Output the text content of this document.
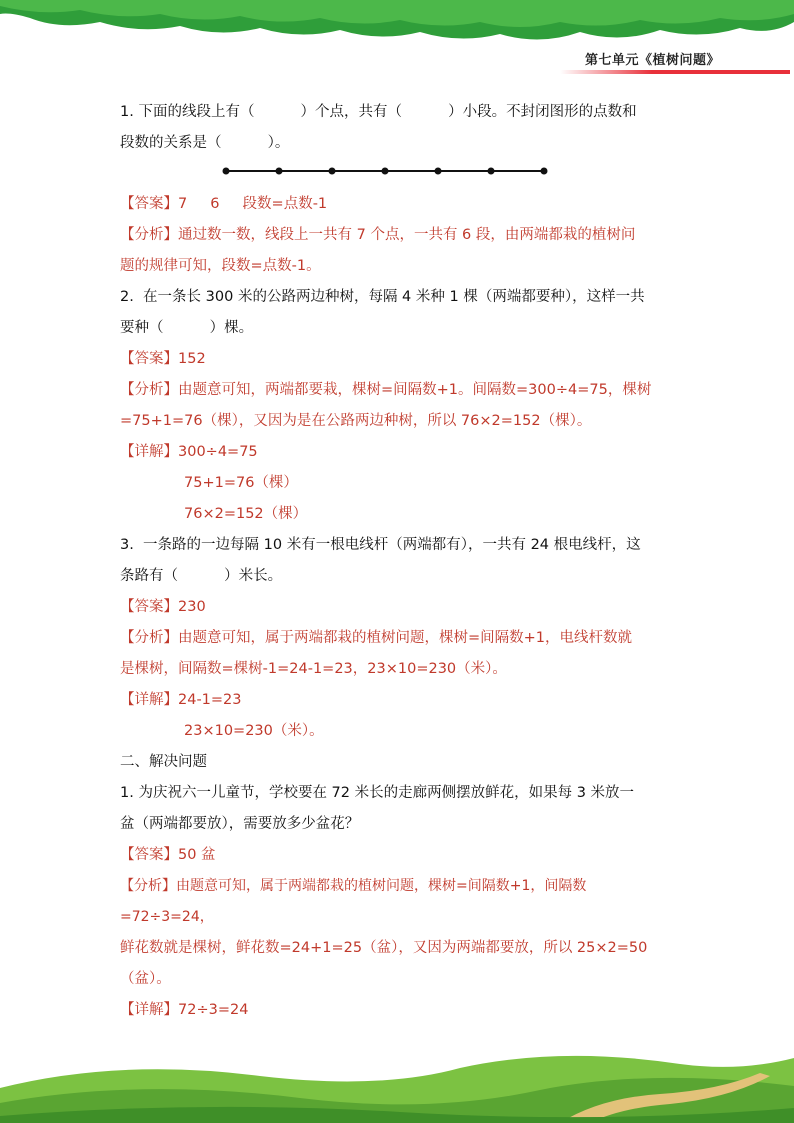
第七单元《植树问题》

1. 下面的线段上有（          ）个点，共有（          ）小段。不封闭图形的点数和

段数的关系是（          ）。

【答案】7     6     段数=点数-1

【分析】通过数一数，线段上一共有 7 个点，一共有 6 段，由两端都栽的植树问

题的规律可知，段数=点数-1。

2.  在一条长 300 米的公路两边种树，每隔 4 米种 1 棵（两端都要种），这样一共

要种（          ）棵。

【答案】152

【分析】由题意可知，两端都要栽，棵树=间隔数+1。间隔数=300÷4=75，棵树

=75+1=76（棵），又因为是在公路两边种树，所以 76×2=152（棵）。

【详解】300÷4=75

75+1=76（棵）

76×2=152（棵）

3.  一条路的一边每隔 10 米有一根电线杆（两端都有），一共有 24 根电线杆，这

条路有（          ）米长。

【答案】230

【分析】由题意可知，属于两端都栽的植树问题，棵树=间隔数+1，电线杆数就

是棵树，间隔数=棵树-1=24-1=23，23×10=230（米）。

【详解】24-1=23

23×10=230（米）。

二、解决问题

1. 为庆祝六一儿童节，学校要在 72 米长的走廊两侧摆放鲜花，如果每 3 米放一

盆（两端都要放），需要放多少盆花？

【答案】50 盆

【分析】由题意可知，属于两端都栽的植树问题，棵树=间隔数+1，间隔数=72÷3=24，

鲜花数就是棵树，鲜花数=24+1=25（盆），又因为两端都要放，所以 25×2=50

（盆）。

【详解】72÷3=24
